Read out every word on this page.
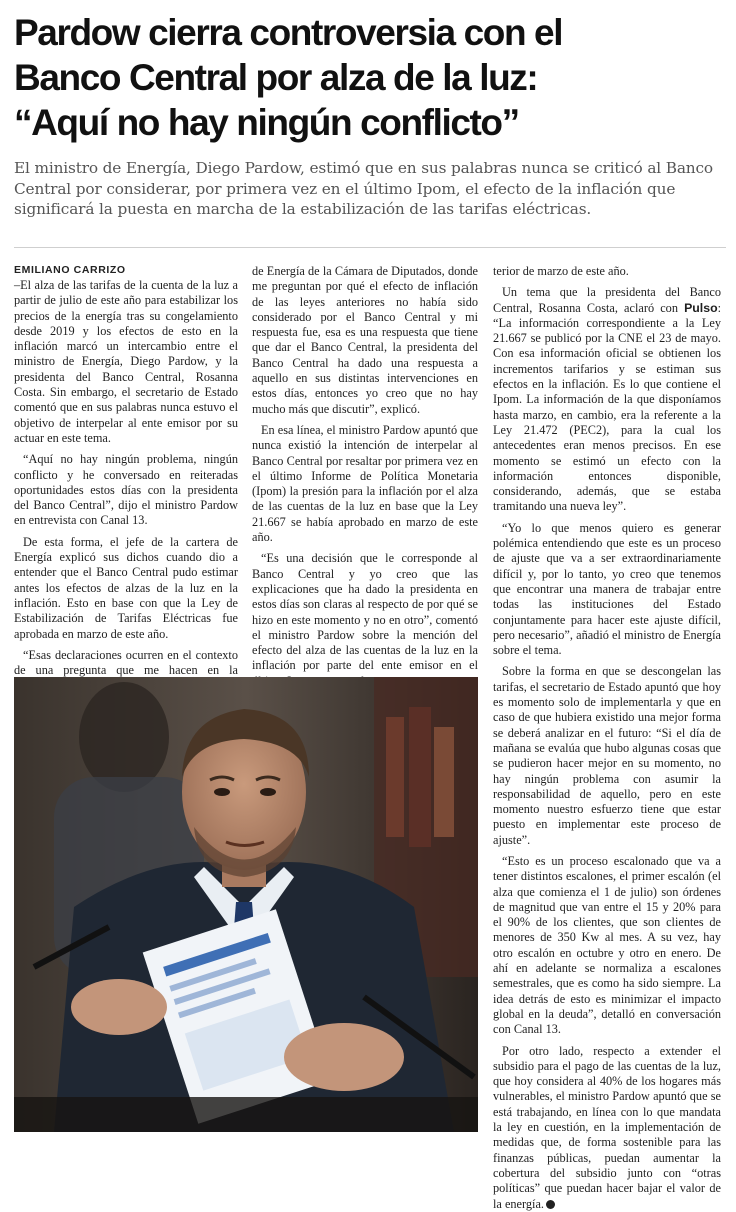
Pardow cierra controversia con el
Banco Central por alza de la luz:
“Aquí no hay ningún conflicto”

El ministro de Energía, Diego Pardow, estimó que en sus palabras nunca se criticó al Banco Central por considerar, por primera vez en el último Ipom, el efecto de la inflación que significará la puesta en marcha de la estabilización de las tarifas eléctricas.

EMILIANO CARRIZO

–El alza de las tarifas de la cuenta de la luz a partir de julio de este año para estabilizar los precios de la energía tras su congelamiento desde 2019 y los efectos de esto en la inflación marcó un intercambio entre el ministro de Energía, Diego Pardow, y la presidenta del Banco Central, Rosanna Costa. Sin embargo, el secretario de Estado comentó que en sus palabras nunca estuvo el objetivo de interpelar al ente emisor por su actuar en este tema.

“Aquí no hay ningún problema, ningún conflicto y he conversado en reiteradas oportunidades estos días con la presidenta del Banco Central”, dijo el ministro Pardow en entrevista con Canal 13.

De esta forma, el jefe de la cartera de Energía explicó sus dichos cuando dio a entender que el Banco Central pudo estimar antes los efectos de alzas de la luz en la inflación. Esto en base con que la Ley de Estabilización de Tarifas Eléctricas fue aprobada en marzo de este año.

“Esas declaraciones ocurren en el contexto de una pregunta que me hacen en la

de Energía de la Cámara de Diputados, donde me preguntan por qué el efecto de inflación de las leyes anteriores no había sido considerado por el Banco Central y mi respuesta fue, esa es una respuesta que tiene que dar el Banco Central, la presidenta del Banco Central ha dado una respuesta a aquello en sus distintas intervenciones en estos días, entonces yo creo que no hay mucho más que discutir”, explicó.

En esa línea, el ministro Pardow apuntó que nunca existió la intención de interpelar al Banco Central por resaltar por primera vez en el último Informe de Política Monetaria (Ipom) la presión para la inflación por el alza de las cuentas de la luz en base que la Ley 21.667 se había aprobado en marzo de este año.

“Es una decisión que le corresponde al Banco Central y yo creo que las explicaciones que ha dado la presidenta en estos días son claras al respecto de por qué se hizo en este momento y no en otro”, comentó el ministro Pardow sobre la mención del efecto del alza de las cuentas de la luz en la inflación por parte del ente emisor en el

terior de marzo de este año.

Un tema que la presidenta del Banco Central, Rosanna Costa, aclaró con Pulso: “La información correspondiente a la Ley 21.667 se publicó por la CNE el 23 de mayo. Con esa información oficial se obtienen los incrementos tarifarios y se estiman sus efectos en la inflación. Es lo que contiene el Ipom. La información de la que disponíamos hasta marzo, en cambio, era la referente a la Ley 21.472 (PEC2), para la cual los antecedentes eran menos precisos. En ese momento se estimó un efecto con la información entonces disponible, considerando, además, que se estaba tramitando una nueva ley”.

“Yo lo que menos quiero es generar polémica entendiendo que este es un proceso de ajuste que va a ser extraordinariamente difícil y, por lo tanto, yo creo que tenemos que encontrar una manera de trabajar entre todas las instituciones del Estado conjuntamente para hacer este ajuste difícil, pero necesario”, añadió el ministro de Energía sobre el tema.

Sobre la forma en que se descongelan las tarifas, el secretario de Estado apuntó que hoy es momento solo de implementarla y que en caso de que hubiera existido una mejor forma se deberá analizar en el futuro: “Si el día de mañana se evalúa que hubo algunas cosas que se pudieron hacer mejor en su momento, no hay ningún problema con asumir la responsabilidad de aquello, pero en este momento nuestro esfuerzo tiene que estar puesto en implementar este proceso de ajuste”.

“Esto es un proceso escalonado que va a tener distintos escalones, el primer escalón (el alza que comienza el 1 de julio) son órdenes de magnitud que van entre el 15 y 20% para el 90% de los clientes, que son clientes de menores de 350 Kw al mes. A su vez, hay otro escalón en octubre y otro en enero. De ahí en adelante se normaliza a escalones semestrales, que es como ha sido siempre. La idea detrás de esto es minimizar el impacto global en la deuda”, detalló en conversación con Canal 13.

Por otro lado, respecto a extender el subsidio para el pago de las cuentas de la luz, que hoy considera al 40% de los hogares más vulnerables, el ministro Pardow apuntó que se está trabajando, en línea con lo que mandata la ley en cuestión, en la implementación de medidas que, de forma sostenible para las finanzas públicas, puedan aumentar la cobertura del subsidio junto con “otras políticas” que puedan hacer bajar el valor de la energía.
